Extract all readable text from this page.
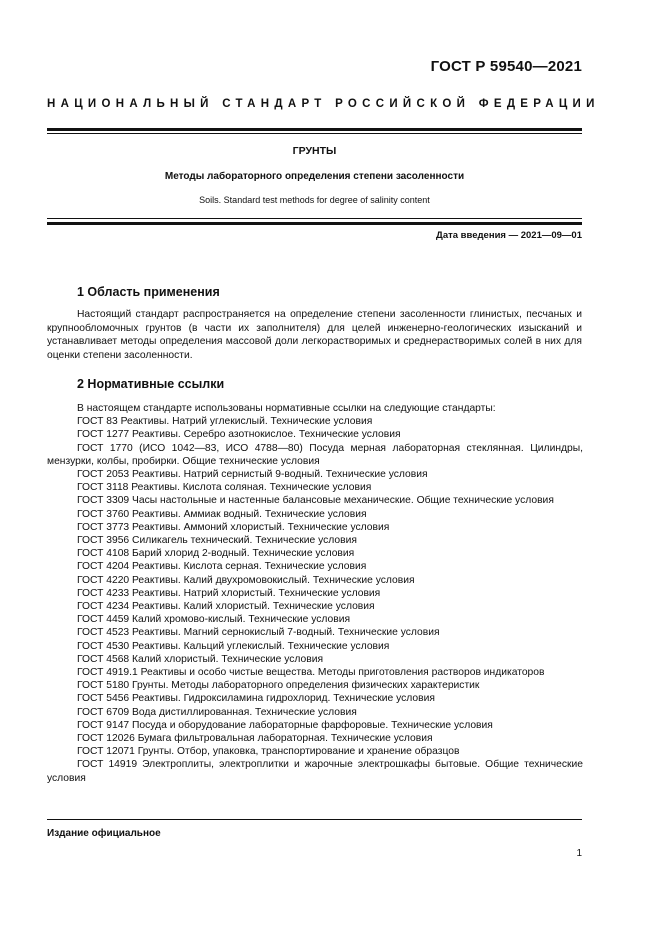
ГОСТ Р 59540—2021
НАЦИОНАЛЬНЫЙ СТАНДАРТ РОССИЙСКОЙ ФЕДЕРАЦИИ
ГРУНТЫ
Методы лабораторного определения степени засоленности
Soils. Standard test methods for degree of salinity content
Дата введения — 2021—09—01
1 Область применения
Настоящий стандарт распространяется на определение степени засоленности глинистых, песчаных и крупнообломочных грунтов (в части их заполнителя) для целей инженерно-геологических изысканий и устанавливает методы определения массовой доли легкорастворимых и среднерастворимых солей в них для оценки степени засоленности.
2 Нормативные ссылки
В настоящем стандарте использованы нормативные ссылки на следующие стандарты:
ГОСТ 83 Реактивы. Натрий углекислый. Технические условия
ГОСТ 1277 Реактивы. Серебро азотнокислое. Технические условия
ГОСТ 1770 (ИСО 1042—83, ИСО 4788—80) Посуда мерная лабораторная стеклянная. Цилиндры, мензурки, колбы, пробирки. Общие технические условия
ГОСТ 2053 Реактивы. Натрий сернистый 9-водный. Технические условия
ГОСТ 3118 Реактивы. Кислота соляная. Технические условия
ГОСТ 3309 Часы настольные и настенные балансовые механические. Общие технические условия
ГОСТ 3760 Реактивы. Аммиак водный. Технические условия
ГОСТ 3773 Реактивы. Аммоний хлористый. Технические условия
ГОСТ 3956 Силикагель технический. Технические условия
ГОСТ 4108 Барий хлорид 2-водный. Технические условия
ГОСТ 4204 Реактивы. Кислота серная. Технические условия
ГОСТ 4220 Реактивы. Калий двухромовокислый. Технические условия
ГОСТ 4233 Реактивы. Натрий хлористый. Технические условия
ГОСТ 4234 Реактивы. Калий хлористый. Технические условия
ГОСТ 4459 Калий хромово-кислый. Технические условия
ГОСТ 4523 Реактивы. Магний сернокислый 7-водный. Технические условия
ГОСТ 4530 Реактивы. Кальций углекислый. Технические условия
ГОСТ 4568 Калий хлористый. Технические условия
ГОСТ 4919.1 Реактивы и особо чистые вещества. Методы приготовления растворов индикаторов
ГОСТ 5180 Грунты. Методы лабораторного определения физических характеристик
ГОСТ 5456 Реактивы. Гидроксиламина гидрохлорид. Технические условия
ГОСТ 6709 Вода дистиллированная. Технические условия
ГОСТ 9147 Посуда и оборудование лабораторные фарфоровые. Технические условия
ГОСТ 12026 Бумага фильтровальная лабораторная. Технические условия
ГОСТ 12071 Грунты. Отбор, упаковка, транспортирование и хранение образцов
ГОСТ 14919 Электроплиты, электроплитки и жарочные электрошкафы бытовые. Общие технические условия
Издание официальное
1
